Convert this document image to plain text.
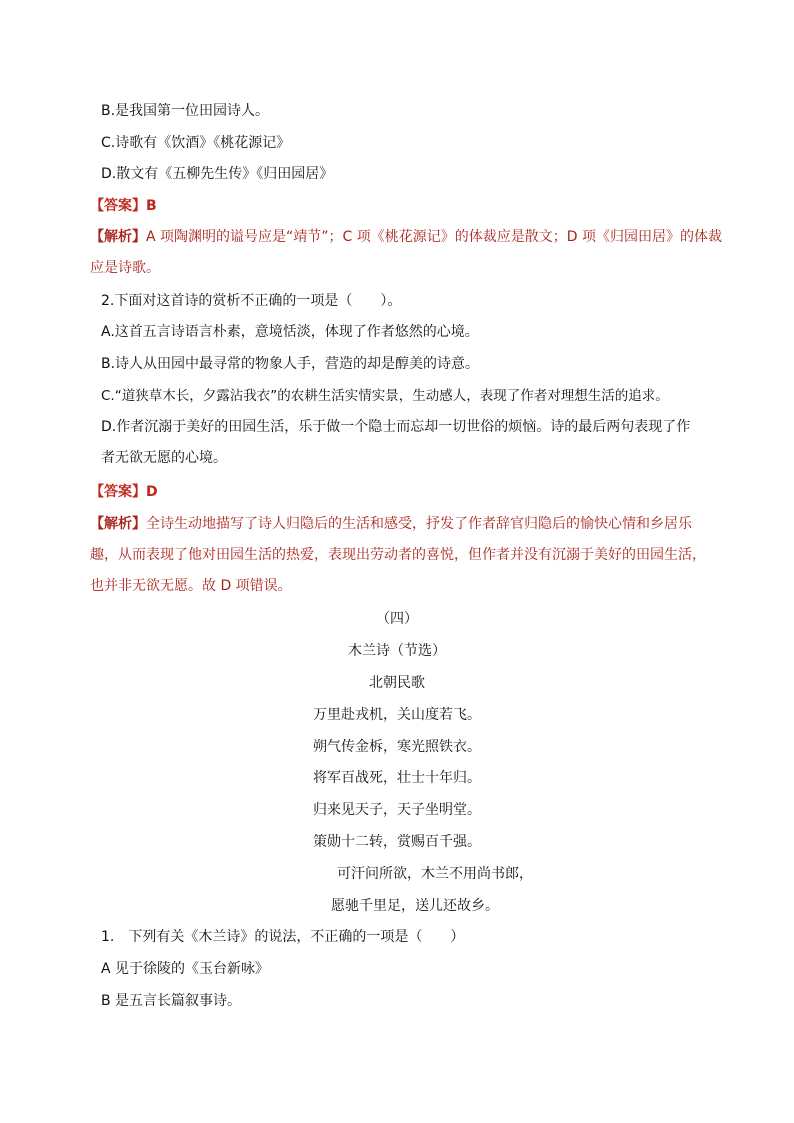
B.是我国第一位田园诗人。
C.诗歌有《饮酒》《桃花源记》
D.散文有《五柳先生传》《归田园居》
【答案】B
【解析】A 项陶渊明的谥号应是“靖节”；C 项《桃花源记》的体裁应是散文；D 项《归园田居》的体裁应是诗歌。
2.下面对这首诗的赏析不正确的一项是（　　）。
A.这首五言诗语言朴素，意境恬淡，体现了作者悠然的心境。
B.诗人从田园中最寻常的物象人手，营造的却是醇美的诗意。
C.“道狭草木长，夕露沾我衣”的农耕生活实情实景，生动感人，表现了作者对理想生活的追求。
D.作者沉溺于美好的田园生活，乐于做一个隐士而忘却一切世俗的烦恼。诗的最后两句表现了作者无欲无愿的心境。
【答案】D
【解析】全诗生动地描写了诗人归隐后的生活和感受，抒发了作者辞官归隐后的愉快心情和乡居乐趣，从而表现了他对田园生活的热爱，表现出劳动者的喜悦，但作者并没有沉溺于美好的田园生活，也并非无欲无愿。故 D 项错误。
（四）
木兰诗（节选）
北朝民歌
万里赴戎机，关山度若飞。
朔气传金柝，寒光照铁衣。
将军百战死，壮士十年归。
归来见天子，天子坐明堂。
策勋十二转，赏赐百千强。
可汗问所欲，木兰不用尚书郎，
愿驰千里足，送儿还故乡。
1. 下列有关《木兰诗》的说法，不正确的一项是（　　）
A 见于徐陵的《玉台新咏》
B 是五言长篇叙事诗。
